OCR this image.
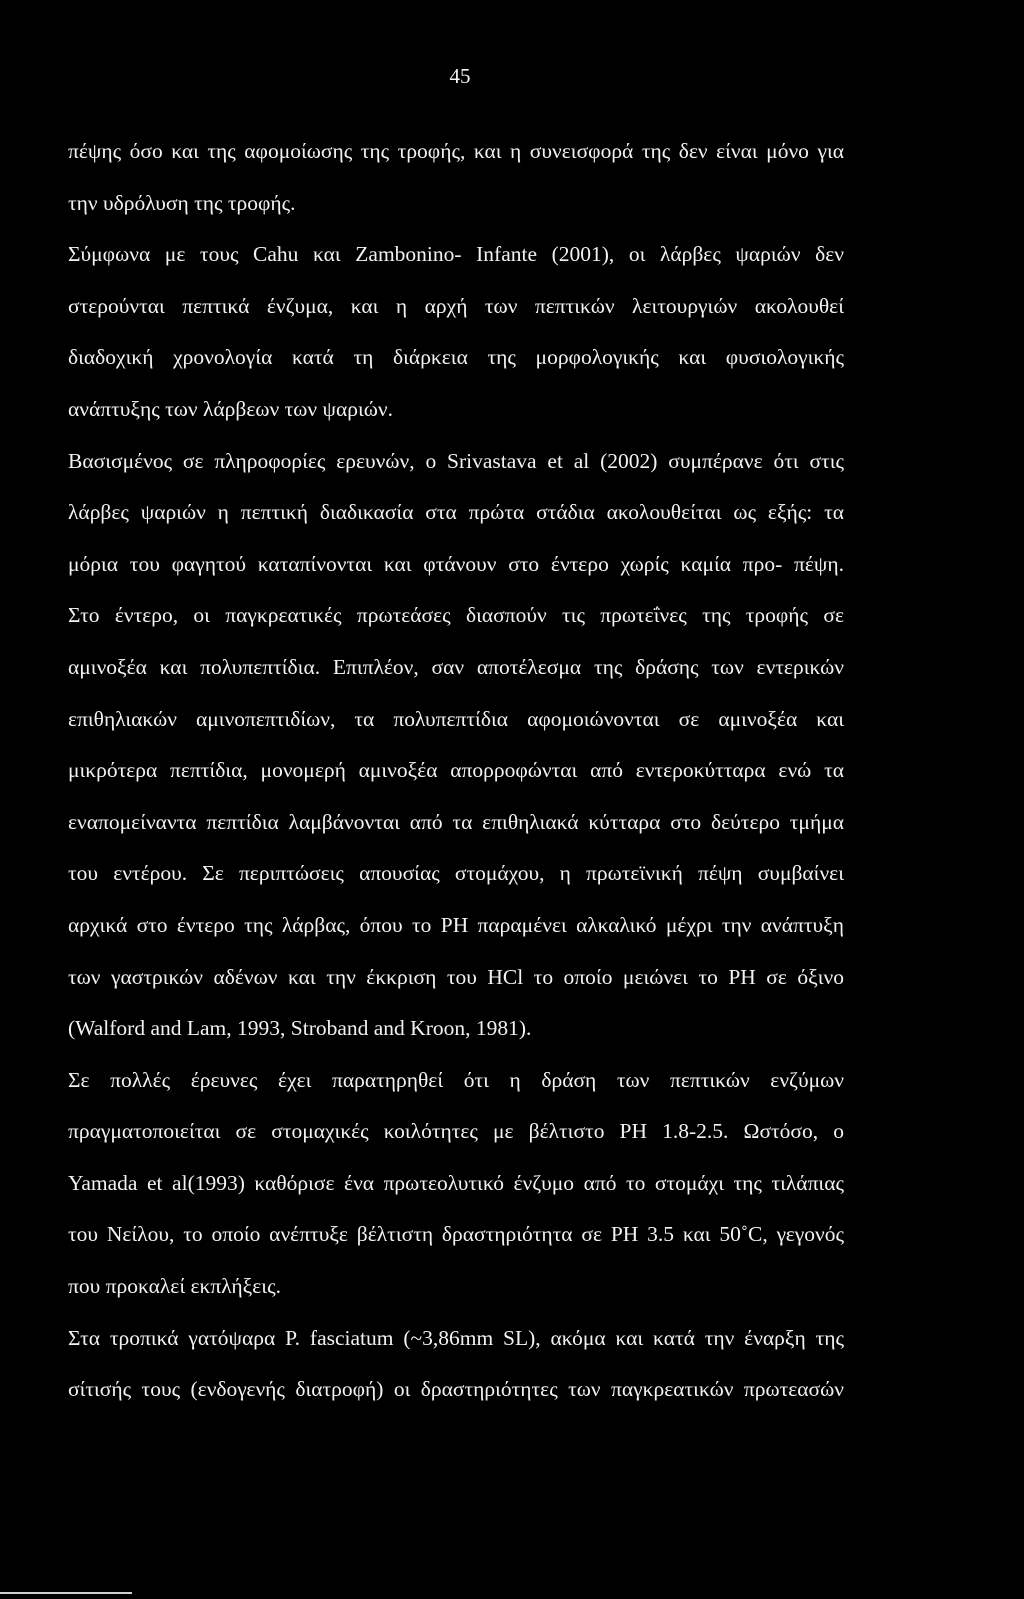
45

πέψης όσο και της αφομοίωσης της τροφής, και η συνεισφορά της δεν είναι μόνο για
την υδρόλυση της τροφής.

Σύμφωνα με τους Cahu και Zambonino- Infante (2001), οι λάρβες ψαριών δεν
στερούνται πεπτικά ένζυμα, και η αρχή των πεπτικών λειτουργιών ακολουθεί
διαδοχική χρονολογία κατά τη διάρκεια της μορφολογικής και φυσιολογικής
ανάπτυξης των λάρβεων των ψαριών.

Βασισμένος σε πληροφορίες ερευνών, ο Srivastava et al (2002) συμπέρανε ότι στις
λάρβες ψαριών η πεπτική διαδικασία στα πρώτα στάδια ακολουθείται ως εξής: τα
μόρια του φαγητού καταπίνονται και φτάνουν στο έντερο χωρίς καμία προ- πέψη.
Στο έντερο, οι παγκρεατικές πρωτεάσες διασπούν τις πρωτεΐνες της τροφής σε
αμινοξέα και πολυπεπτίδια. Επιπλέον, σαν αποτέλεσμα της δράσης των εντερικών
επιθηλιακών αμινοπεπτιδίων, τα πολυπεπτίδια αφομοιώνονται σε αμινοξέα και
μικρότερα πεπτίδια, μονομερή αμινοξέα απορροφώνται από εντεροκύτταρα ενώ τα
εναπομείναντα πεπτίδια λαμβάνονται από τα επιθηλιακά κύτταρα στο δεύτερο τμήμα
του εντέρου. Σε περιπτώσεις απουσίας στομάχου, η πρωτεϊνική πέψη συμβαίνει
αρχικά στο έντερο της λάρβας, όπου το PH παραμένει αλκαλικό μέχρι την ανάπτυξη
των γαστρικών αδένων και την έκκριση του HCl το οποίο μειώνει το PH σε όξινο
(Walford and Lam, 1993, Stroband and Kroon, 1981).

Σε πολλές έρευνες έχει παρατηρηθεί ότι η δράση των πεπτικών ενζύμων
πραγματοποιείται σε στομαχικές κοιλότητες με βέλτιστο PH 1.8-2.5. Ωστόσο, ο
Yamada et al(1993) καθόρισε ένα πρωτεολυτικό ένζυμο από το στομάχι της τιλάπιας
του Νείλου, το οποίο ανέπτυξε βέλτιστη δραστηριότητα σε PH 3.5 και 50˚C, γεγονός
που προκαλεί εκπλήξεις.

Στα τροπικά γατόψαρα P. fasciatum (~3,86mm SL), ακόμα και κατά την έναρξη της
σίτισής τους (ενδογενής διατροφή) οι δραστηριότητες των παγκρεατικών πρωτεασών
